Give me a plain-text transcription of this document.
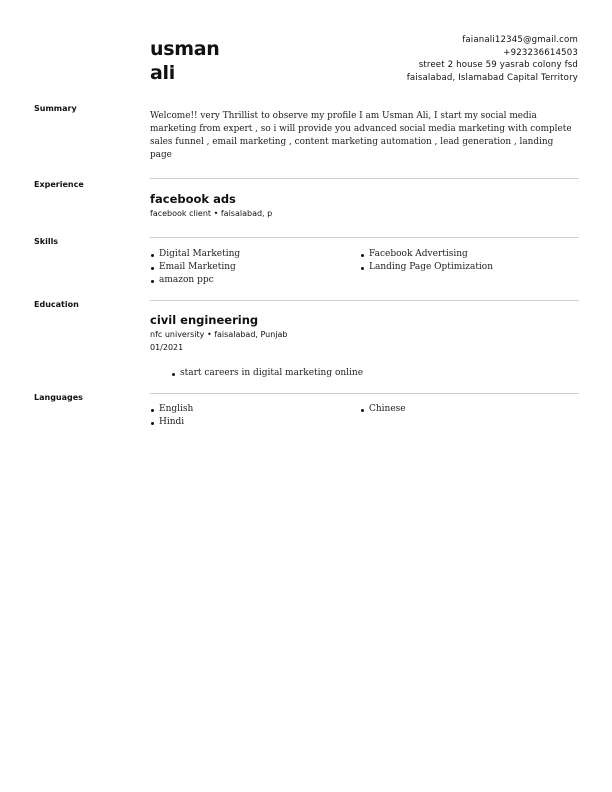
usman
ali
faianali12345@gmail.com
+923236614503
street 2 house 59 yasrab colony fsd
faisalabad, Islamabad Capital Territory
Summary
Welcome!! very Thrillist to observe my profile I am Usman Ali, I start my social media marketing from expert , so i will provide you advanced social media marketing with complete sales funnel , email marketing , content marketing automation , lead generation , landing page
Experience
facebook ads
facebook client • faisalabad, p
Skills
Digital Marketing
Email Marketing
amazon ppc
Facebook Advertising
Landing Page Optimization
Education
civil engineering
nfc university • faisalabad, Punjab
01/2021
start careers in digital marketing online
Languages
English
Hindi
Chinese
